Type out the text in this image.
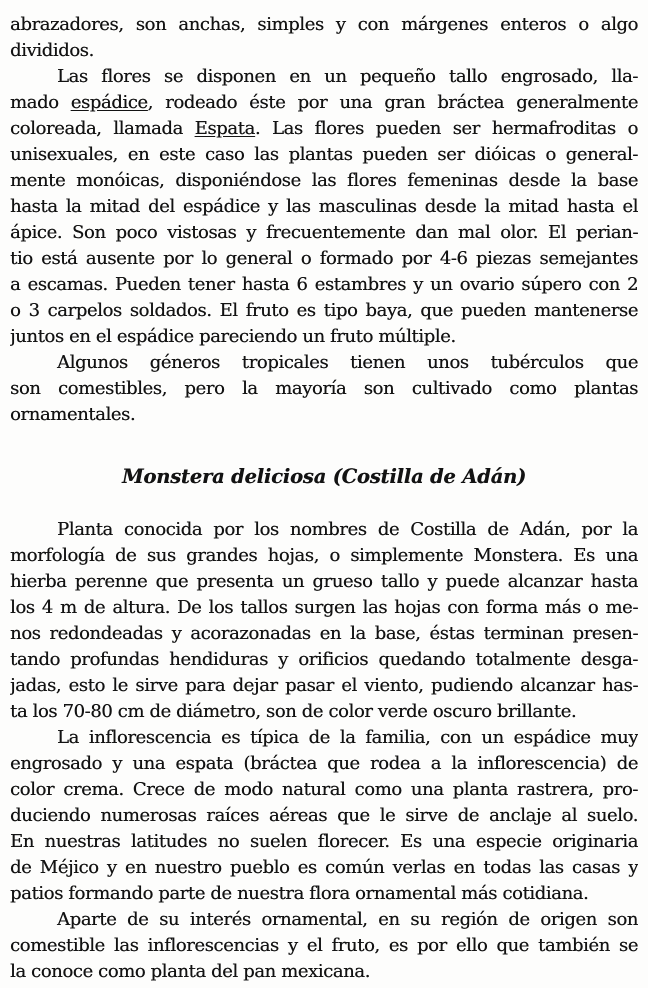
abrazadores, son anchas, simples y con márgenes enteros o algo
divididos.
Las flores se disponen en un pequeño tallo engrosado, lla-
mado espádice, rodeado éste por una gran bráctea generalmente
coloreada, llamada Espata. Las flores pueden ser hermafroditas o
unisexuales, en este caso las plantas pueden ser dióicas o general-
mente monóicas, disponiéndose las flores femeninas desde la base
hasta la mitad del espádice y las masculinas desde la mitad hasta el
ápice. Son poco vistosas y frecuentemente dan mal olor. El perian-
tio está ausente por lo general o formado por 4-6 piezas semejantes
a escamas. Pueden tener hasta 6 estambres y un ovario súpero con 2
o 3 carpelos soldados. El fruto es tipo baya, que pueden mantenerse
juntos en el espádice pareciendo un fruto múltiple.
Algunos géneros tropicales tienen unos tubérculos que
son comestibles, pero la mayoría son cultivado como plantas
ornamentales.
Monstera deliciosa (Costilla de Adán)
Planta conocida por los nombres de Costilla de Adán, por la
morfología de sus grandes hojas, o simplemente Monstera. Es una
hierba perenne que presenta un grueso tallo y puede alcanzar hasta
los 4 m de altura. De los tallos surgen las hojas con forma más o me-
nos redondeadas y acorazonadas en la base, éstas terminan presen-
tando profundas hendiduras y orificios quedando totalmente desga-
jadas, esto le sirve para dejar pasar el viento, pudiendo alcanzar has-
ta los 70-80 cm de diámetro, son de color verde oscuro brillante.
La inflorescencia es típica de la familia, con un espádice muy
engrosado y una espata (bráctea que rodea a la inflorescencia) de
color crema. Crece de modo natural como una planta rastrera, pro-
duciendo numerosas raíces aéreas que le sirve de anclaje al suelo.
En nuestras latitudes no suelen florecer. Es una especie originaria
de Méjico y en nuestro pueblo es común verlas en todas las casas y
patios formando parte de nuestra flora ornamental más cotidiana.
Aparte de su interés ornamental, en su región de origen son
comestible las inflorescencias y el fruto, es por ello que también se
la conoce como planta del pan mexicana.
